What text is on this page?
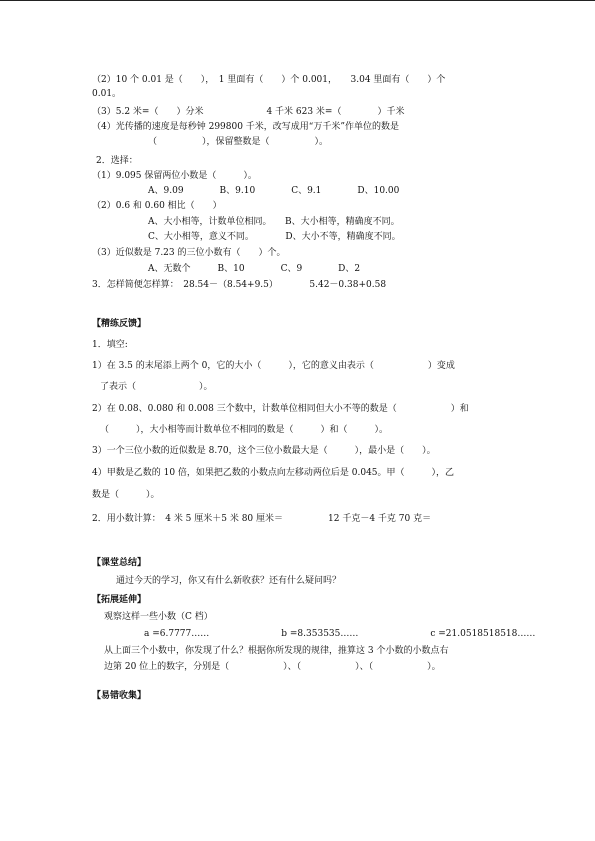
（2）10 个 0.01 是（　　），　1 里面有（　　）个 0.001，　　3.04 里面有（　　）个
0.01。
（3）5.2 米=（　　）分米　　　　　　　4 千米 623 米=（　　　　）千米
（4）光传播的速度是每秒钟 299800 千米，改写成用“万千米”作单位的数是
（　　　　　），保留整数是（　　　　　）。
2．选择：
（1）9.095 保留两位小数是（　　　）。
A、9.09　　　　B、9.10　　　　C、9.1　　　　D、10.00
（2）0.6 和 0.60 相比（　　）
A、大小相等，计数单位相同。　　B、大小相等，精确度不同。
C、大小相等，意义不同。　　　　D、大小不等，精确度不同。
（3）近似数是 7.23 的三位小数有（　　）个。
A、无数个　　　B、10　　　　C、9　　　　D、2
3．怎样简便怎样算：　28.54－（8.54+9.5）　　　　5.42－0.38+0.58
【精练反馈】
1．填空:
1）在 3.5 的末尾添上两个 0，它的大小（　　　），它的意义由表示（　　　　　　）变成
了表示（　　　　　　　）。
2）在 0.08、0.080 和 0.008 三个数中，计数单位相同但大小不等的数是（　　　　　　）和
（　　　），大小相等而计数单位不相同的数是（　　　）和（　　　）。
3）一个三位小数的近似数是 8.70，这个三位小数最大是（　　　），最小是（　　）。
4）甲数是乙数的 10 倍，如果把乙数的小数点向左移动两位后是 0.045。甲（　　　），乙
数是（　　　）。
2．用小数计算：　4 米 5 厘米＋5 米 80 厘米＝　　　　　12 千克－4 千克 70 克＝
【课堂总结】
通过今天的学习，你又有什么新收获？还有什么疑问吗？
【拓展延伸】
观察这样一些小数（C 档）
a =6.7777……　　　　　　　　b =8.353535……　　　　　　　　c =21.0518518518……
从上面三个小数中，你发现了什么？根据你所发现的规律，推算这 3 个小数的小数点右
边第 20 位上的数字，分别是（　　　　　　）、（　　　　　　）、（　　　　　　）。
【易错收集】
